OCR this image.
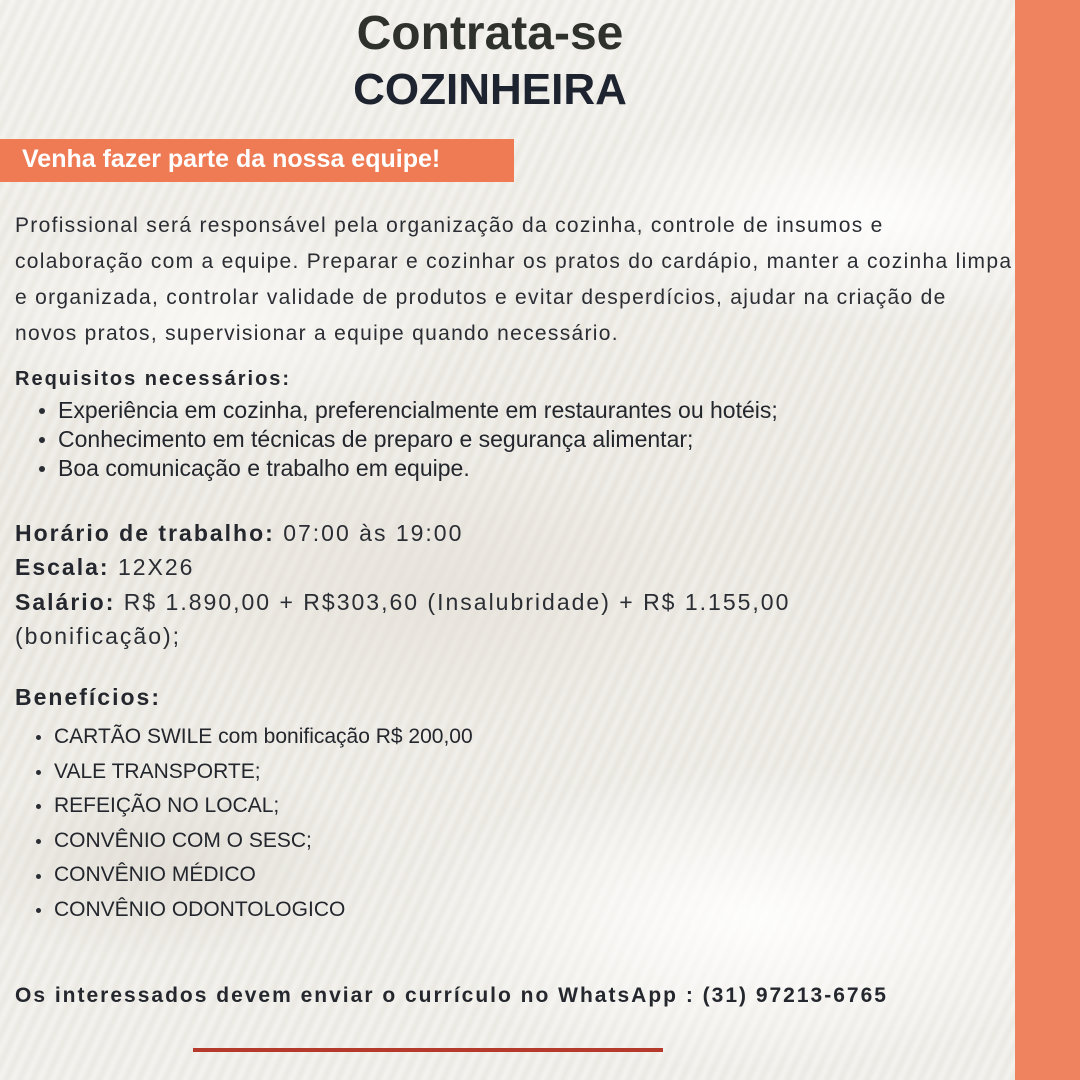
Contrata-se
COZINHEIRA
Venha fazer parte da nossa equipe!
Profissional será responsável pela organização da cozinha, controle de insumos e colaboração com a equipe. Preparar e cozinhar os pratos do cardápio, manter a cozinha limpa e organizada, controlar validade de produtos e evitar desperdícios, ajudar na criação de novos pratos, supervisionar a equipe quando necessário.
Requisitos necessários:
Experiência em cozinha, preferencialmente em restaurantes ou hotéis;
Conhecimento em técnicas de preparo e segurança alimentar;
Boa comunicação e trabalho em equipe.
Horário de trabalho: 07:00 às 19:00
Escala: 12X26
Salário: R$ 1.890,00 + R$303,60 (Insalubridade) + R$ 1.155,00 (bonificação);
Benefícios:
CARTÃO SWILE com bonificação R$ 200,00
VALE TRANSPORTE;
REFEIÇÃO NO LOCAL;
CONVÊNIO COM O SESC;
CONVÊNIO MÉDICO
CONVÊNIO ODONTOLOGICO
Os interessados devem enviar o currículo no WhatsApp : (31) 97213-6765
